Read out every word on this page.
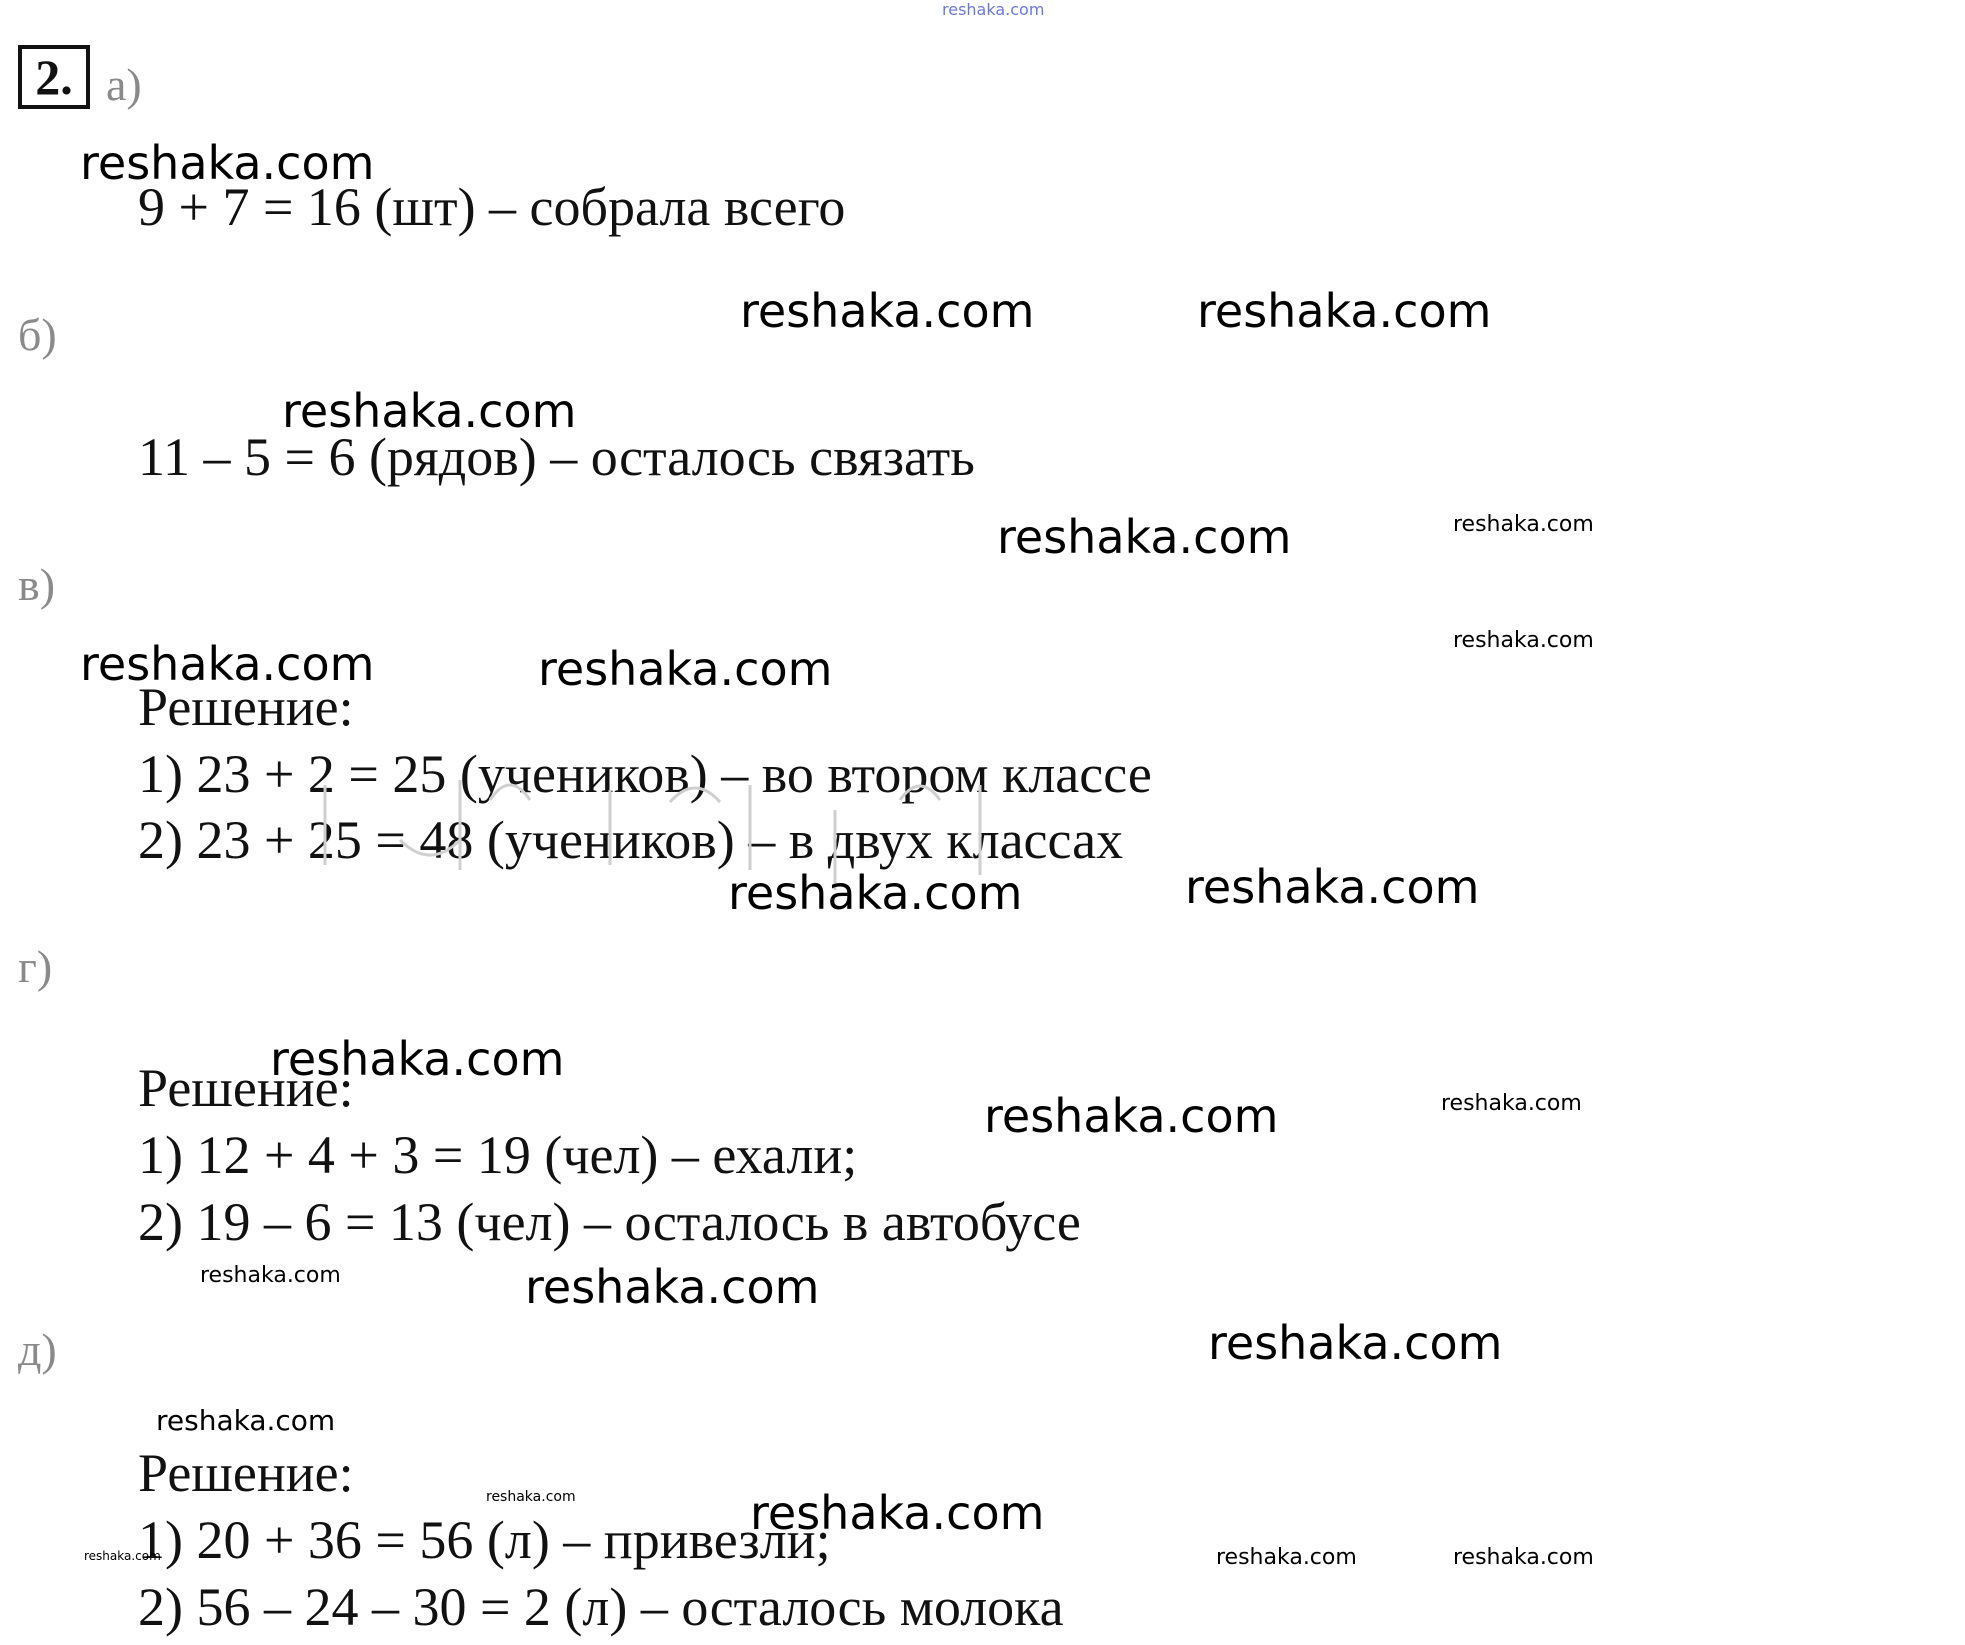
reshaka.com
2. а)
9 + 7 = 16 (шт) – собрала всего
б)
11 – 5 = 6 (рядов) – осталось связать
в)
Решение:
1) 23 + 2 = 25 (учеников) – во втором классе
2) 23 + 25 = 48 (учеников) – в двух классах
г)
Решение:
1) 12 + 4 + 3 = 19 (чел) – ехали;
2) 19 – 6 = 13 (чел) – осталось в автобусе
д)
Решение:
1) 20 + 36 = 56 (л) – привезли;
2) 56 – 24 – 30 = 2 (л) – осталось молока
reshaka.com
reshaka.com	reshaka.com
reshaka.com
reshaka.com
reshaka.com	reshaka.com
reshaka.com	reshaka.com
reshaka.com
reshaka.com
reshaka.com
reshaka.com
reshaka.com
reshaka.com
reshaka.com
reshaka.com
reshaka.com
reshaka.com
reshaka.com	reshaka.com
reshaka.com
reshaka.com
